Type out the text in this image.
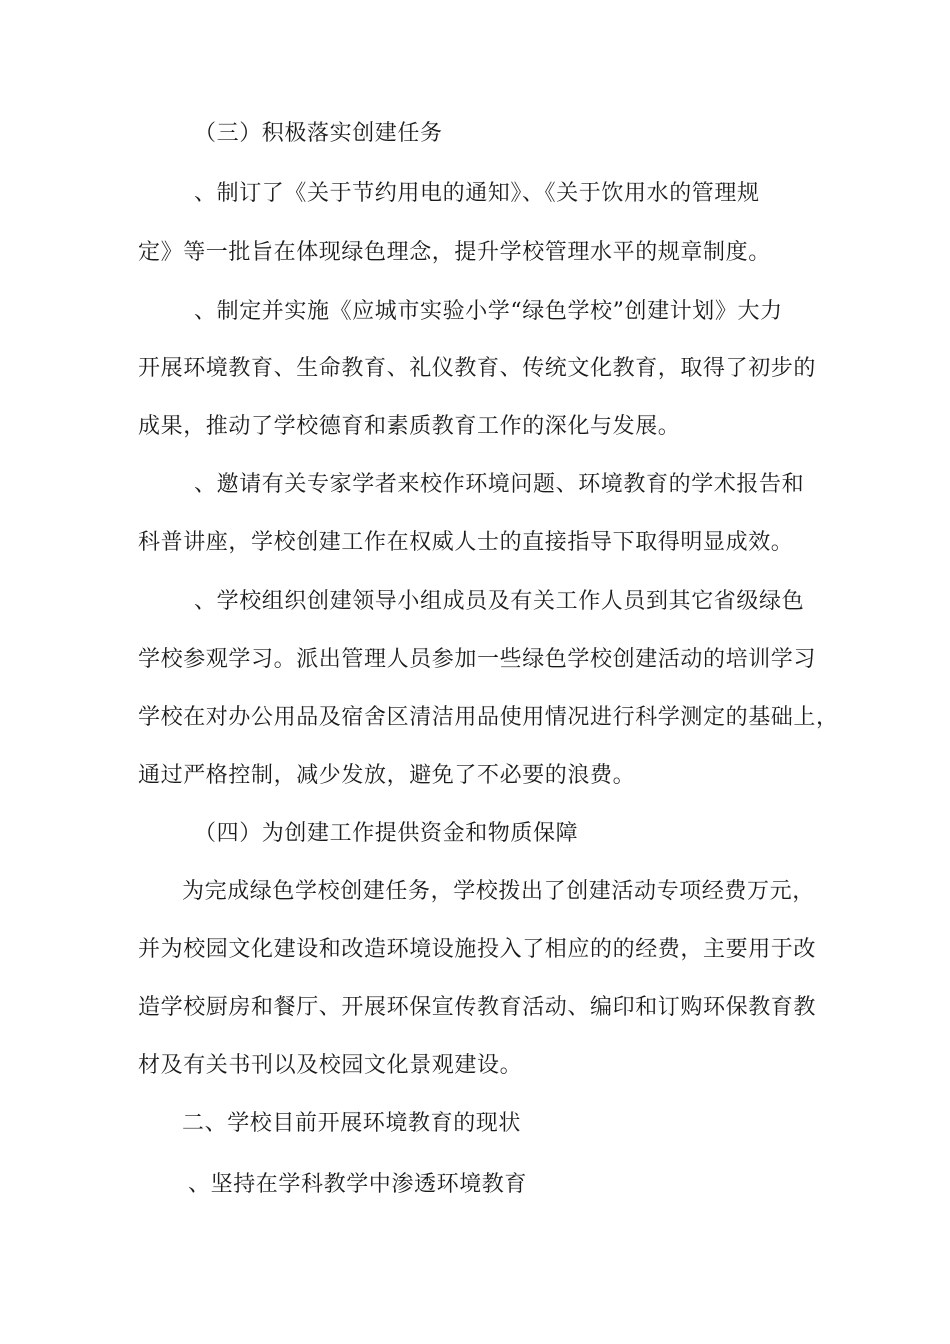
（三）积极落实创建任务

、制订了《关于节约用电的通知》、《关于饮用水的管理规

定》等一批旨在体现绿色理念，提升学校管理水平的规章制度。

、制定并实施《应城市实验小学“绿色学校”创建计划》大力

开展环境教育、生命教育、礼仪教育、传统文化教育，取得了初步的

成果，推动了学校德育和素质教育工作的深化与发展。

、邀请有关专家学者来校作环境问题、环境教育的学术报告和

科普讲座，学校创建工作在权威人士的直接指导下取得明显成效。

、学校组织创建领导小组成员及有关工作人员到其它省级绿色

学校参观学习。派出管理人员参加一些绿色学校创建活动的培训学习

学校在对办公用品及宿舍区清洁用品使用情况进行科学测定的基础上，

通过严格控制，减少发放，避免了不必要的浪费。

（四）为创建工作提供资金和物质保障

为完成绿色学校创建任务，学校拨出了创建活动专项经费万元，

并为校园文化建设和改造环境设施投入了相应的的经费，主要用于改

造学校厨房和餐厅、开展环保宣传教育活动、编印和订购环保教育教

材及有关书刊以及校园文化景观建设。

二、学校目前开展环境教育的现状

、坚持在学科教学中渗透环境教育
